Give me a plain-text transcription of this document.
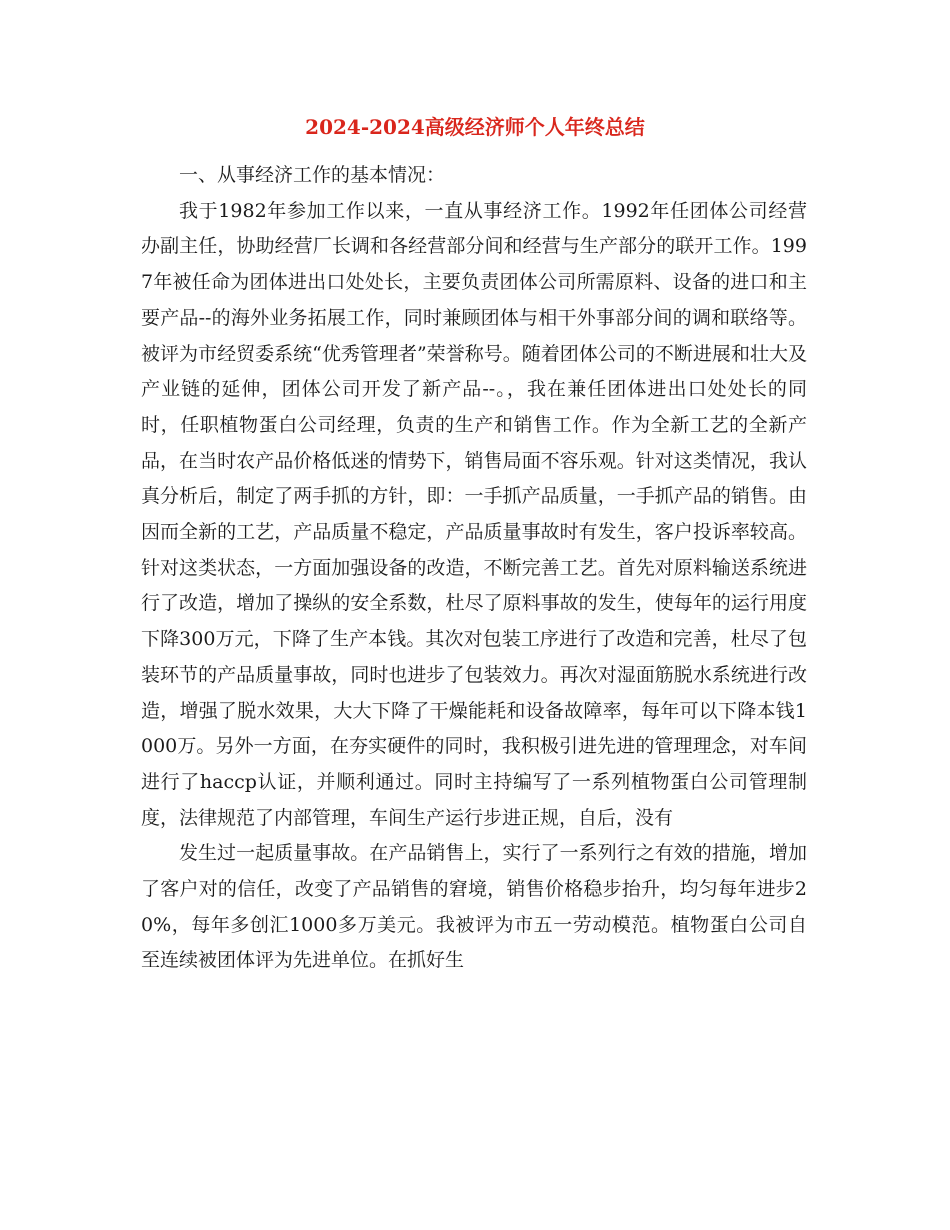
2024-2024高级经济师个人年终总结

一、从事经济工作的基本情况：

我于1982年参加工作以来，一直从事经济工作。1992年任团体公司经营办副主任，协助经营厂长调和各经营部分间和经营与生产部分的联开工作。1997年被任命为团体进出口处处长，主要负责团体公司所需原料、设备的进口和主要产品--的海外业务拓展工作，同时兼顾团体与相干外事部分间的调和联络等。被评为市经贸委系统“优秀管理者”荣誉称号。随着团体公司的不断进展和壮大及产业链的延伸，团体公司开发了新产品--。，我在兼任团体进出口处处长的同时，任职植物蛋白公司经理，负责的生产和销售工作。作为全新工艺的全新产品，在当时农产品价格低迷的情势下，销售局面不容乐观。针对这类情况，我认真分析后，制定了两手抓的方针，即：一手抓产品质量，一手抓产品的销售。由因而全新的工艺，产品质量不稳定，产品质量事故时有发生，客户投诉率较高。针对这类状态，一方面加强设备的改造，不断完善工艺。首先对原料输送系统进行了改造，增加了操纵的安全系数，杜尽了原料事故的发生，使每年的运行用度下降300万元，下降了生产本钱。其次对包装工序进行了改造和完善，杜尽了包装环节的产品质量事故，同时也进步了包装效力。再次对湿面筋脱水系统进行改造，增强了脱水效果，大大下降了干燥能耗和设备故障率，每年可以下降本钱1000万。另外一方面，在夯实硬件的同时，我积极引进先进的管理理念，对车间进行了haccp认证，并顺利通过。同时主持编写了一系列植物蛋白公司管理制度，法律规范了内部管理，车间生产运行步进正规，自后，没有

发生过一起质量事故。在产品销售上，实行了一系列行之有效的措施，增加了客户对的信任，改变了产品销售的窘境，销售价格稳步抬升，均匀每年进步20%，每年多创汇1000多万美元。我被评为市五一劳动模范。植物蛋白公司自至连续被团体评为先进单位。在抓好生
